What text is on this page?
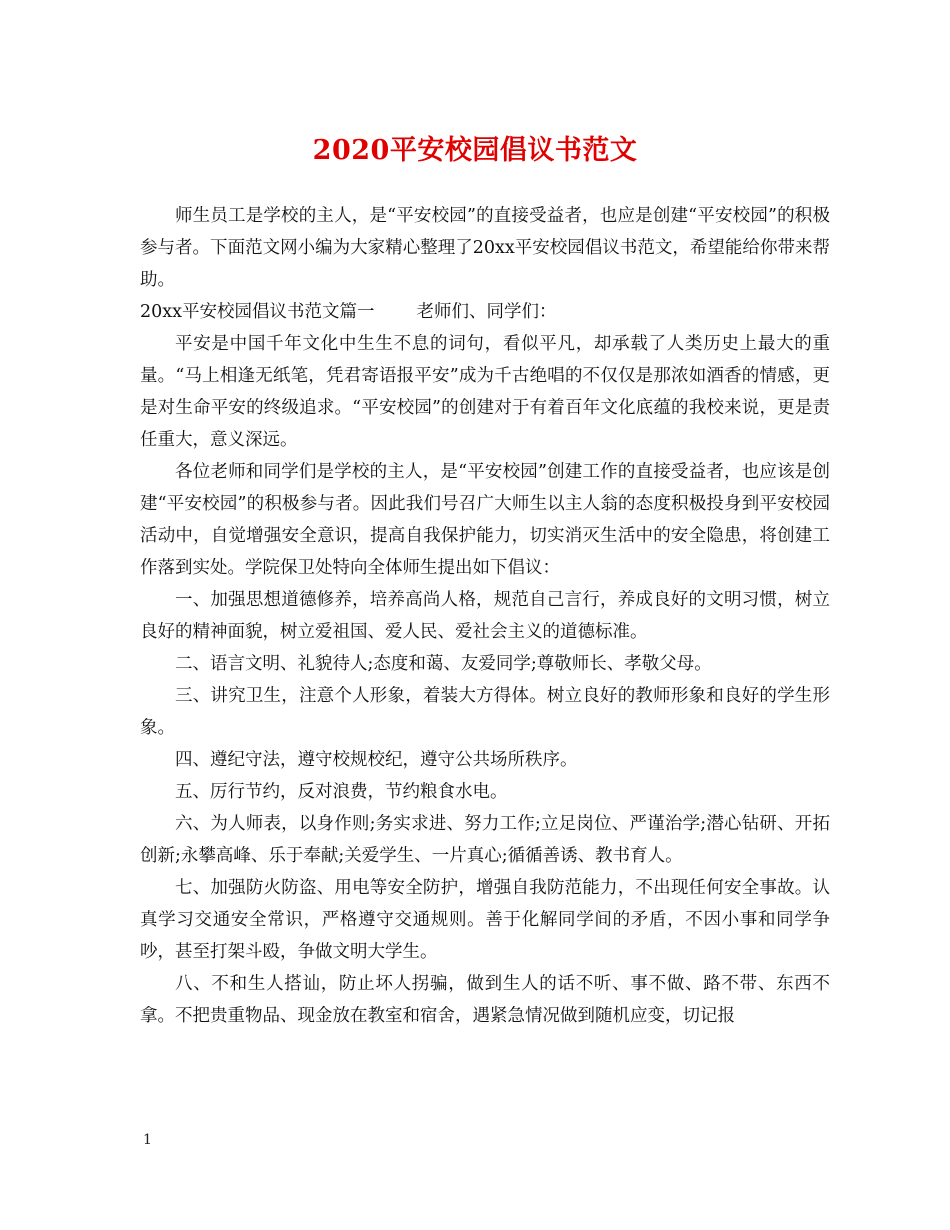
2020平安校园倡议书范文

师生员工是学校的主人，是“平安校园”的直接受益者，也应是创建“平安校园”的积极参与者。下面范文网小编为大家精心整理了20xx平安校园倡议书范文，希望能给你带来帮助。

20xx平安校园倡议书范文篇一 老师们、同学们：

平安是中国千年文化中生生不息的词句，看似平凡，却承载了人类历史上最大的重量。“马上相逢无纸笔，凭君寄语报平安”成为千古绝唱的不仅仅是那浓如酒香的情感，更是对生命平安的终级追求。“平安校园”的创建对于有着百年文化底蕴的我校来说，更是责任重大，意义深远。

各位老师和同学们是学校的主人，是“平安校园”创建工作的直接受益者，也应该是创建“平安校园”的积极参与者。因此我们号召广大师生以主人翁的态度积极投身到平安校园活动中，自觉增强安全意识，提高自我保护能力，切实消灭生活中的安全隐患，将创建工作落到实处。学院保卫处特向全体师生提出如下倡议：

一、加强思想道德修养，培养高尚人格，规范自己言行，养成良好的文明习惯，树立良好的精神面貌，树立爱祖国、爱人民、爱社会主义的道德标准。

二、语言文明、礼貌待人;态度和蔼、友爱同学;尊敬师长、孝敬父母。

三、讲究卫生，注意个人形象，着装大方得体。树立良好的教师形象和良好的学生形象。

四、遵纪守法，遵守校规校纪，遵守公共场所秩序。

五、厉行节约，反对浪费，节约粮食水电。

六、为人师表，以身作则;务实求进、努力工作;立足岗位、严谨治学;潜心钻研、开拓创新;永攀高峰、乐于奉献;关爱学生、一片真心;循循善诱、教书育人。

七、加强防火防盗、用电等安全防护，增强自我防范能力，不出现任何安全事故。认真学习交通安全常识，严格遵守交通规则。善于化解同学间的矛盾，不因小事和同学争吵，甚至打架斗殴，争做文明大学生。

八、不和生人搭讪，防止坏人拐骗，做到生人的话不听、事不做、路不带、东西不拿。不把贵重物品、现金放在教室和宿舍，遇紧急情况做到随机应变，切记报

1
